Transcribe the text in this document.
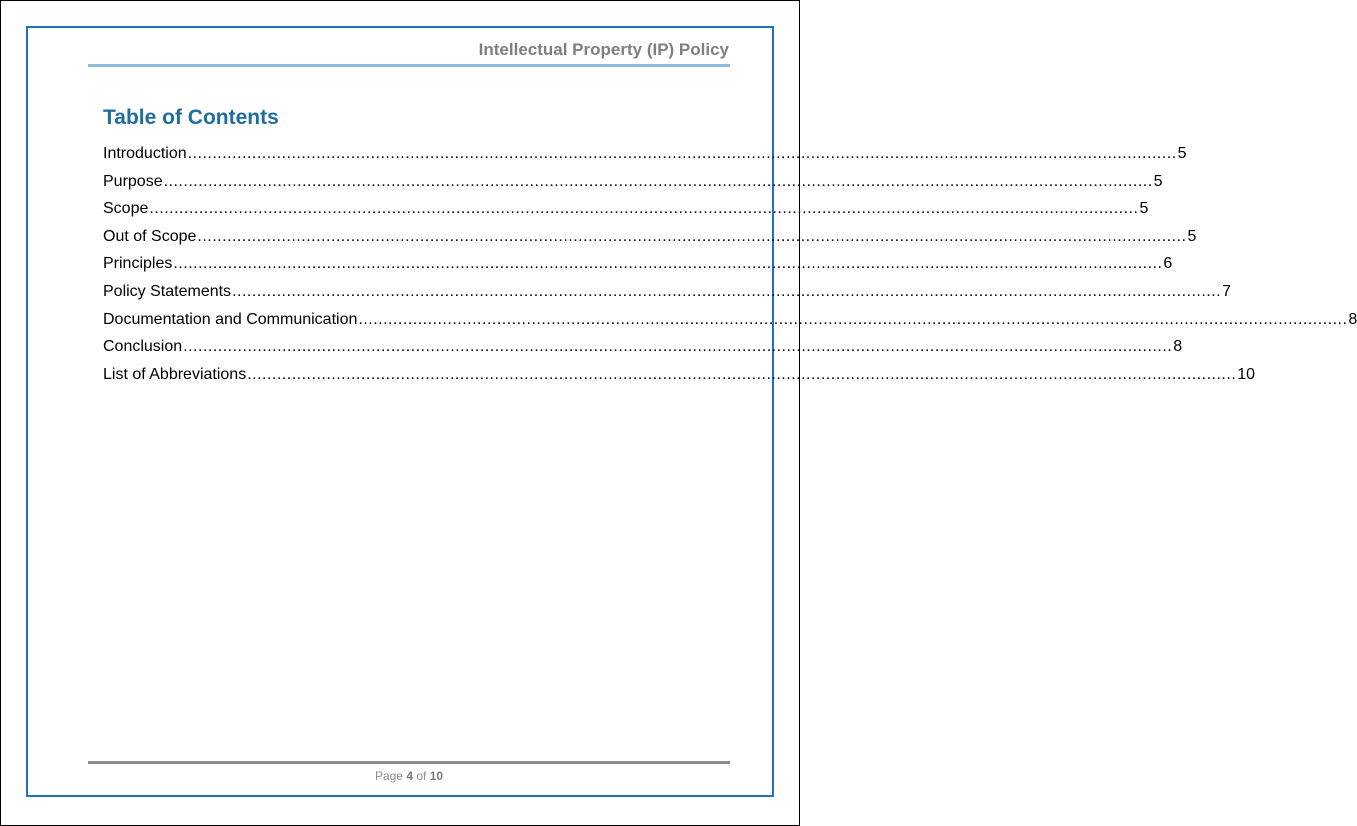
Intellectual Property (IP) Policy
Table of Contents
Introduction ........................................................................................................................................................................................................ 5
Purpose ........................................................................................................................................................................................................ 5
Scope ........................................................................................................................................................................................................ 5
Out of Scope ........................................................................................................................................................................................................ 5
Principles ........................................................................................................................................................................................................ 6
Policy Statements ........................................................................................................................................................................................................ 7
Documentation and Communication ........................................................................................................................................................................................................ 8
Conclusion ........................................................................................................................................................................................................ 8
List of Abbreviations ........................................................................................................................................................................................................ 10
Page 4 of 10
